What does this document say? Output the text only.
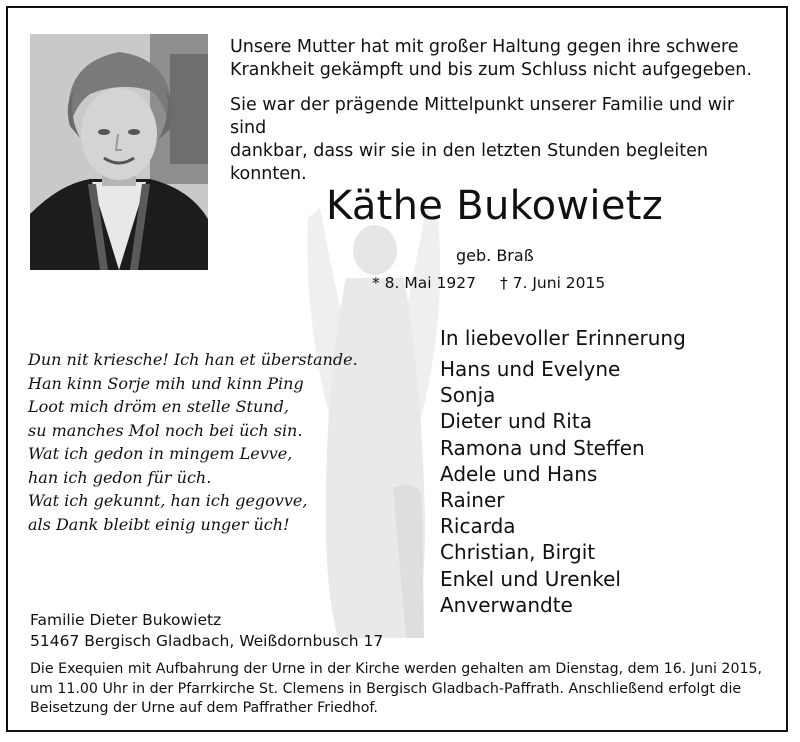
Unsere Mutter hat mit großer Haltung gegen ihre schwere
Krankheit gekämpft und bis zum Schluss nicht aufgegeben.
Sie war der prägende Mittelpunkt unserer Familie und wir sind
dankbar, dass wir sie in den letzten Stunden begleiten konnten.
Käthe Bukowietz
geb. Braß
* 8. Mai 1927 † 7. Juni 2015
In liebevoller Erinnerung
Hans und Evelyne
Sonja
Dieter und Rita
Ramona und Steffen
Adele und Hans
Rainer
Ricarda
Christian, Birgit
Enkel und Urenkel
Anverwandte
Dun nit kriesche! Ich han et überstande.
Han kinn Sorje mih und kinn Ping
Loot mich dröm en stelle Stund,
su manches Mol noch bei üch sin.
Wat ich gedon in mingem Levve,
han ich gedon für üch.
Wat ich gekunnt, han ich gegovve,
als Dank bleibt einig unger üch!
Familie Dieter Bukowietz
51467 Bergisch Gladbach, Weißdornbusch 17
Die Exequien mit Aufbahrung der Urne in der Kirche werden gehalten am Dienstag, dem 16. Juni 2015,
um 11.00 Uhr in der Pfarrkirche St. Clemens in Bergisch Gladbach-Paffrath. Anschließend erfolgt die
Beisetzung der Urne auf dem Paffrather Friedhof.
